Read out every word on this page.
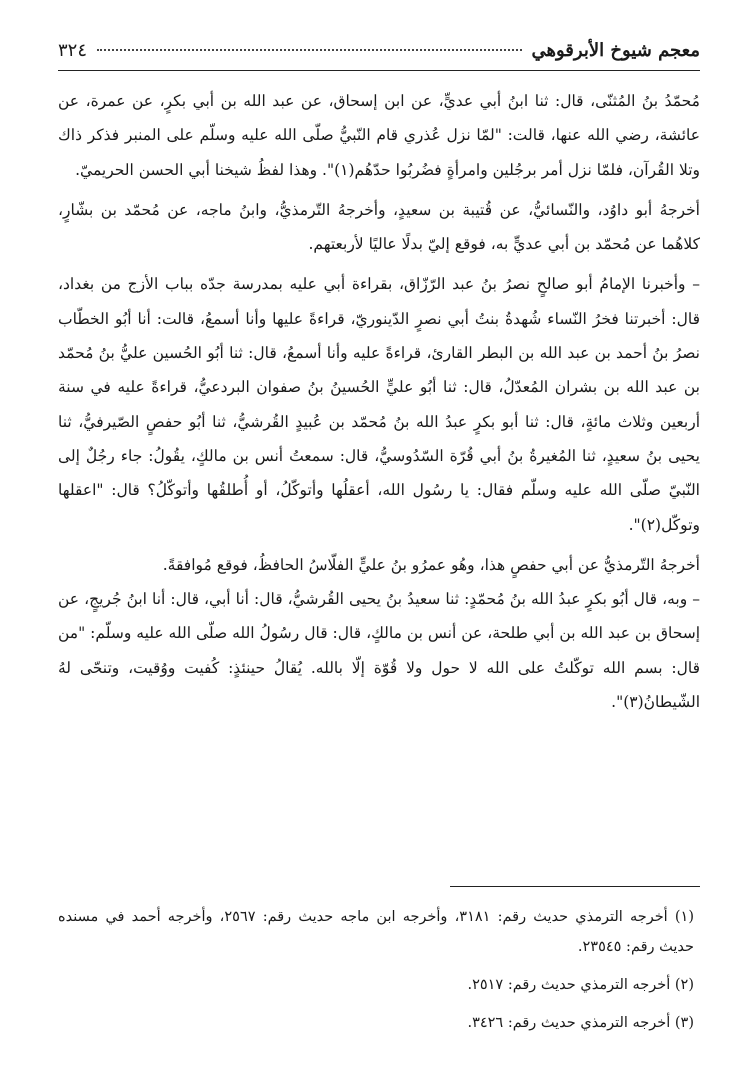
معجم شيوخ الأبرقوهي
٣٢٤

مُحمّدُ بنُ المُثنّى، قال: ثنا ابنُ أبي عديٍّ، عن ابن إسحاق، عن عبد الله بن أبي بكرٍ، عن عمرة، عن عائشة، رضي الله عنها، قالت: "لمّا نزل عُذري قام النّبيُّ صلّى الله عليه وسلّم على المنبر فذكر ذاك وتلا القُرآن، فلمّا نزل أمر برجُلين وامرأةٍ فضُربُوا حدّهُم(١)". وهذا لفظُ شيخنا أبي الحسن الحريميّ.

أخرجهُ أبو داوُد، والنّسائيُّ، عن قُتيبة بن سعيدٍ، وأخرجهُ التّرمذيُّ، وابنُ ماجه، عن مُحمّد بن بشّارٍ، كلاهُما عن مُحمّد بن أبي عديٍّ به، فوقع إليّ بدلًا عاليًا لأربعتهم.

– وأخبرنا الإمامُ أبو صالحٍ نصرُ بنُ عبد الرّزّاق، بقراءة أبي عليه بمدرسة جدّه بباب الأزج من بغداد، قال: أخبرتنا فخرُ النّساء شُهدةُ بنتُ أبي نصرٍ الدّينوريّ، قراءةً عليها وأنا أسمعُ، قالت: أنا أبُو الخطّاب نصرُ بنُ أحمد بن عبد الله بن البطر القارئ، قراءةً عليه وأنا أسمعُ، قال: ثنا أبُو الحُسين عليُّ بنُ مُحمّد بن عبد الله بن بشران المُعدّلُ، قال: ثنا أبُو عليٍّ الحُسينُ بنُ صفوان البردعيُّ، قراءةً عليه في سنة أربعين وثلاث مائةٍ، قال: ثنا أبو بكرٍ عبدُ الله بنُ مُحمّد بن عُبيدٍ القُرشيُّ، ثنا أبُو حفصٍ الصّيرفيُّ، ثنا يحيى بنُ سعيدٍ، ثنا المُغيرةُ بنُ أبي قُرّة السّدُوسيُّ، قال: سمعتُ أنس بن مالكٍ، يقُولُ: جاء رجُلٌ إلى النّبيّ صلّى الله عليه وسلّم فقال: يا رسُول الله، أعقلُها وأتوكّلُ، أو أُطلقُها وأتوكّلُ؟ قال: "اعقلها وتوكّل(٢)".

أخرجهُ التّرمذيُّ عن أبي حفصٍ هذا، وهُو عمرُو بنُ عليٍّ الفلّاسُ الحافظُ، فوقع مُوافقةً.

– وبه، قال أبُو بكرٍ عبدُ الله بنُ مُحمّدٍ: ثنا سعيدُ بنُ يحيى القُرشيُّ، قال: أنا أبي، قال: أنا ابنُ جُريجٍ، عن إسحاق بن عبد الله بن أبي طلحة، عن أنس بن مالكٍ، قال: قال رسُولُ الله صلّى الله عليه وسلّم: "من قال: بسم الله توكّلتُ على الله لا حول ولا قُوّة إلّا بالله. يُقالُ حينئذٍ: كُفيت ووُقيت، وتنحّى لهُ الشّيطانُ(٣)".

(١) أخرجه الترمذي حديث رقم: ٣١٨١، وأخرجه ابن ماجه حديث رقم: ٢٥٦٧، وأخرجه أحمد في مسنده حديث رقم: ٢٣٥٤٥.

(٢) أخرجه الترمذي حديث رقم: ٢٥١٧.

(٣) أخرجه الترمذي حديث رقم: ٣٤٢٦.
